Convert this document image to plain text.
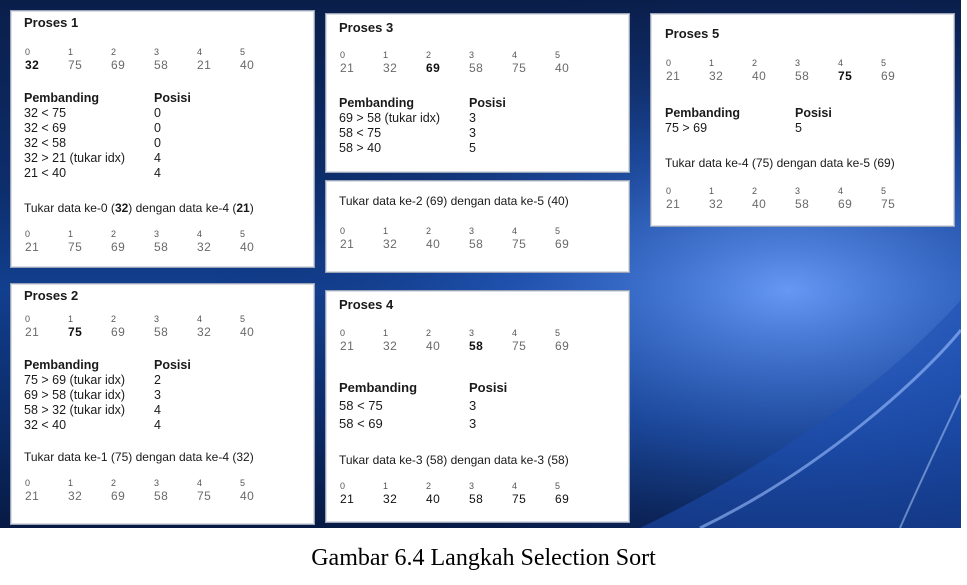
Proses 1
0	1	2	3	4	5
32	75	69	58	21	40
Pembanding	Posisi
32 < 75	0
32 < 69	0
32 < 58	0
32 > 21 (tukar idx)	4
21 < 40	4
Tukar data ke-0 (32) dengan data ke-4 (21)
0	1	2	3	4	5
21	75	69	58	32	40
Proses 2
0	1	2	3	4	5
21	75	69	58	32	40
Pembanding	Posisi
75 > 69 (tukar idx)	2
69 > 58 (tukar idx)	3
58 > 32 (tukar idx)	4
32 < 40	4
Tukar data ke-1 (75) dengan data ke-4 (32)
0	1	2	3	4	5
21	32	69	58	75	40
Proses 3
0	1	2	3	4	5
21	32	69	58	75	40
Pembanding	Posisi
69 > 58 (tukar idx)	3
58 < 75	3
58 > 40	5
Tukar data ke-2 (69) dengan data ke-5 (40)
0	1	2	3	4	5
21	32	40	58	75	69
Proses 4
0	1	2	3	4	5
21	32	40	58	75	69
Pembanding	Posisi
58 < 75	3
58 < 69	3
Tukar data ke-3 (58) dengan data ke-3 (58)
0	1	2	3	4	5
21	32	40	58	75	69
Proses 5
0	1	2	3	4	5
21	32	40	58	75	69
Pembanding	Posisi
75 > 69	5
Tukar data ke-4 (75) dengan data ke-5 (69)
0	1	2	3	4	5
21	32	40	58	69	75
Gambar 6.4 Langkah Selection Sort
